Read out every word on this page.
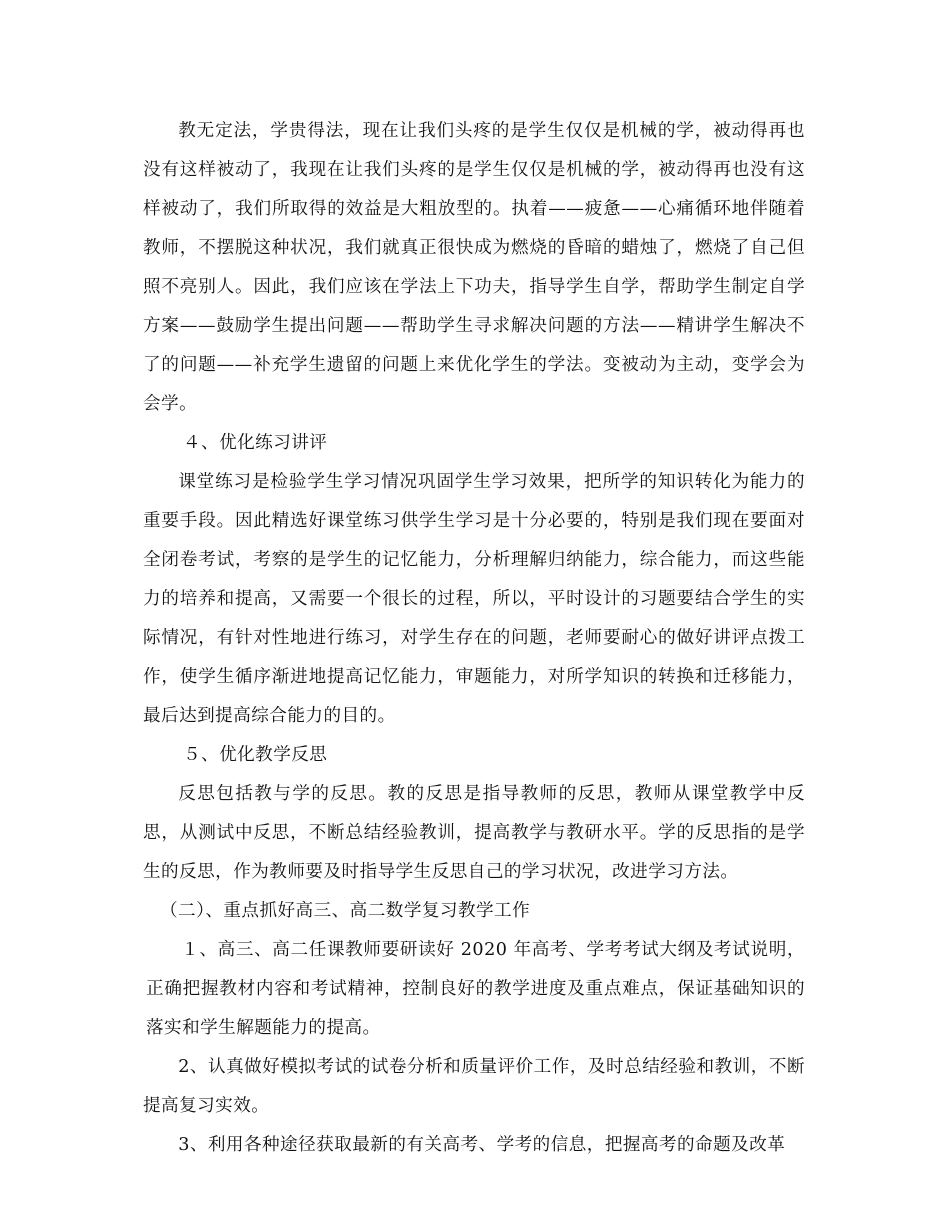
教无定法，学贵得法，现在让我们头疼的是学生仅仅是机械的学，被动得再也没有这样被动了，我现在让我们头疼的是学生仅仅是机械的学，被动得再也没有这样被动了，我们所取得的效益是大粗放型的。执着——疲惫——心痛循环地伴随着教师，不摆脱这种状况，我们就真正很快成为燃烧的昏暗的蜡烛了，燃烧了自己但照不亮别人。因此，我们应该在学法上下功夫，指导学生自学，帮助学生制定自学方案——鼓励学生提出问题——帮助学生寻求解决问题的方法——精讲学生解决不了的问题——补充学生遗留的问题上来优化学生的学法。变被动为主动，变学会为会学。

４、优化练习讲评

课堂练习是检验学生学习情况巩固学生学习效果，把所学的知识转化为能力的重要手段。因此精选好课堂练习供学生学习是十分必要的，特别是我们现在要面对全闭卷考试，考察的是学生的记忆能力，分析理解归纳能力，综合能力，而这些能力的培养和提高，又需要一个很长的过程，所以，平时设计的习题要结合学生的实际情况，有针对性地进行练习，对学生存在的问题，老师要耐心的做好讲评点拨工作，使学生循序渐进地提高记忆能力，审题能力，对所学知识的转换和迁移能力，最后达到提高综合能力的目的。

５、优化教学反思

反思包括教与学的反思。教的反思是指导教师的反思，教师从课堂教学中反思，从测试中反思，不断总结经验教训，提高教学与教研水平。学的反思指的是学生的反思，作为教师要及时指导学生反思自己的学习状况，改进学习方法。

（二）、重点抓好高三、高二数学复习教学工作

１、高三、高二任课教师要研读好 2020 年高考、学考考试大纲及考试说明，正确把握教材内容和考试精神，控制良好的教学进度及重点难点，保证基础知识的落实和学生解题能力的提高。

2、认真做好模拟考试的试卷分析和质量评价工作，及时总结经验和教训，不断提高复习实效。

3、利用各种途径获取最新的有关高考、学考的信息，把握高考的命题及改革
